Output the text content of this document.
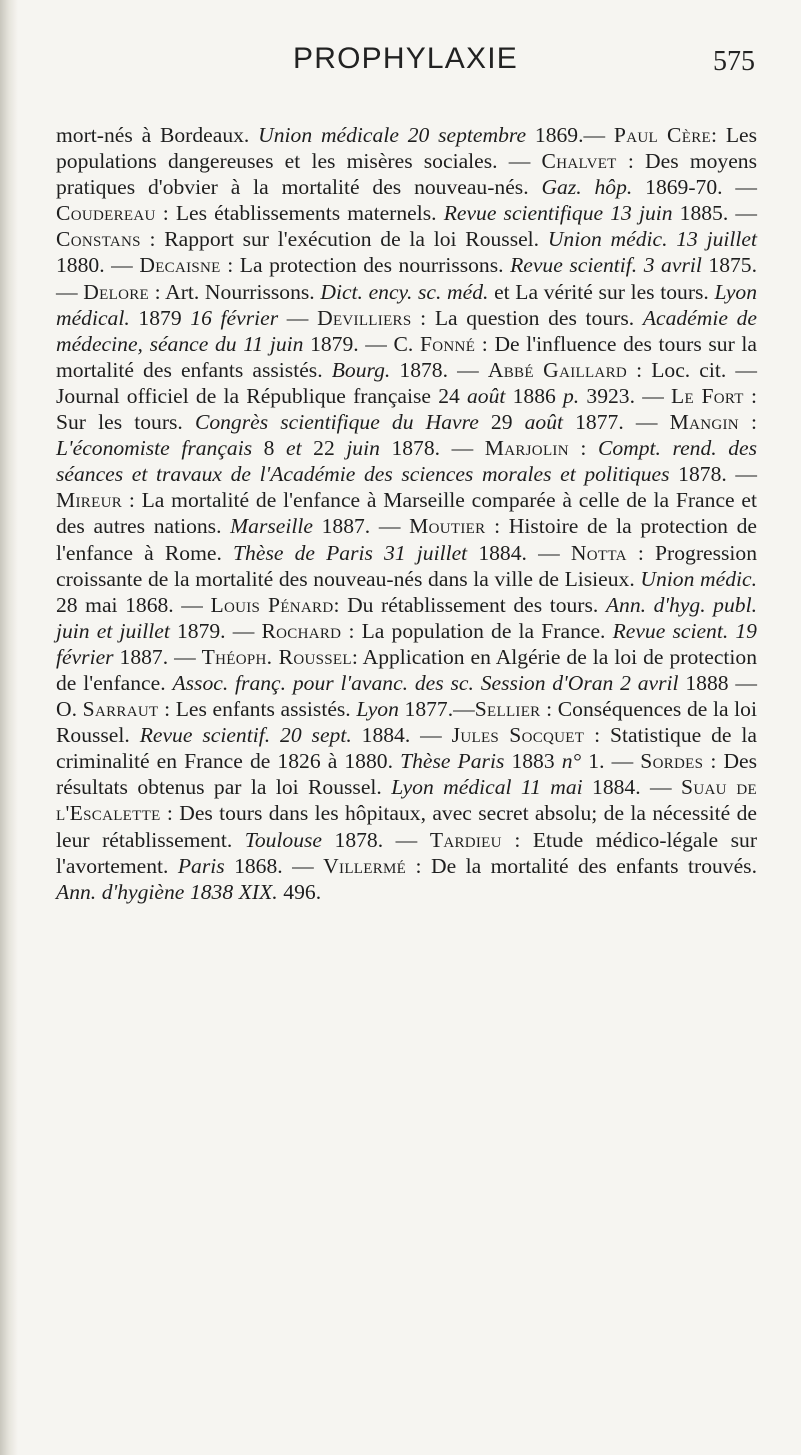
PROPHYLAXIE	575

mort-nés à Bordeaux. Union médicale 20 septembre 1869.— Paul Cère: Les populations dangereuses et les misères sociales. — Chalvet : Des moyens pratiques d'obvier à la mortalité des nouveau-nés. Gaz. hôp. 1869-70. —Coudereau : Les établissements maternels. Revue scientifique 13 juin 1885. — Constans : Rapport sur l'exécution de la loi Roussel. Union médic. 13 juillet 1880. — Decaisne : La protection des nourrissons. Revue scientif. 3 avril 1875. — Delore : Art. Nourrissons. Dict. ency. sc. méd. et La vérité sur les tours. Lyon médical. 1879 16 février — Devilliers : La question des tours. Académie de médecine, séance du 11 juin 1879. — C. Fonné : De l'influence des tours sur la mortalité des enfants assistés. Bourg. 1878. — Abbé Gaillard : Loc. cit. — Journal officiel de la République française 24 août 1886 p. 3923. — Le Fort : Sur les tours. Congrès scientifique du Havre 29 août 1877. — Mangin : L'économiste français 8 et 22 juin 1878. — Marjolin : Compt. rend. des séances et travaux de l'Académie des sciences morales et politiques 1878. — Mireur : La mortalité de l'enfance à Marseille comparée à celle de la France et des autres nations. Marseille 1887. — Moutier : Histoire de la protection de l'enfance à Rome. Thèse de Paris 31 juillet 1884. — Notta : Progression croissante de la mortalité des nouveau-nés dans la ville de Lisieux. Union médic. 28 mai 1868. — Louis Pénard: Du rétablissement des tours. Ann. d'hyg. publ. juin et juillet 1879. — Rochard : La population de la France. Revue scient. 19 février 1887. — Théoph. Roussel: Application en Algérie de la loi de protection de l'enfance. Assoc. franç. pour l'avanc. des sc. Session d'Oran 2 avril 1888 — O. Sarraut : Les enfants assistés. Lyon 1877.—Sellier : Conséquences de la loi Roussel. Revue scientif. 20 sept. 1884. — Jules Socquet : Statistique de la criminalité en France de 1826 à 1880. Thèse Paris 1883 n° 1. — Sordes : Des résultats obtenus par la loi Roussel. Lyon médical 11 mai 1884. — Suau de l'Escalette : Des tours dans les hôpitaux, avec secret absolu; de la nécessité de leur rétablissement. Toulouse 1878. — Tardieu : Etude médico-légale sur l'avortement. Paris 1868. — Villermé : De la mortalité des enfants trouvés. Ann. d'hygiène 1838 XIX. 496.
